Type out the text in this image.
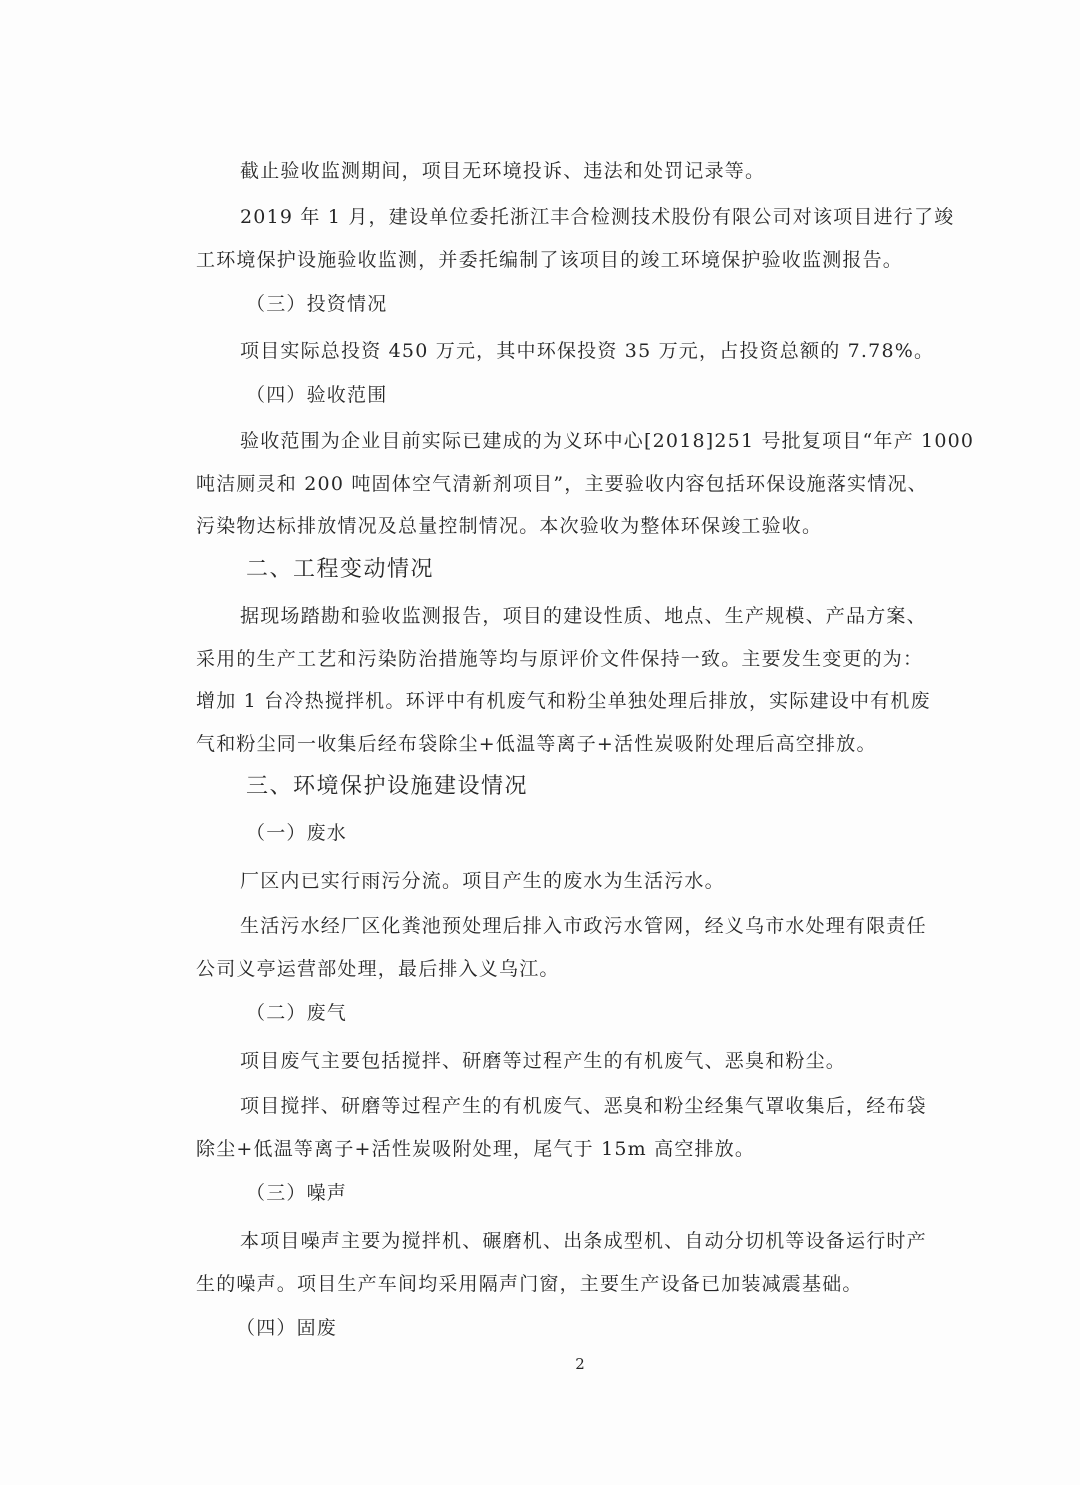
截止验收监测期间，项目无环境投诉、违法和处罚记录等。
2019 年 1 月，建设单位委托浙江丰合检测技术股份有限公司对该项目进行了竣
工环境保护设施验收监测，并委托编制了该项目的竣工环境保护验收监测报告。
（三）投资情况
项目实际总投资 450 万元，其中环保投资 35 万元，占投资总额的 7.78%。
（四）验收范围
验收范围为企业目前实际已建成的为义环中心[2018]251 号批复项目“年产 1000
吨洁厕灵和 200 吨固体空气清新剂项目”，主要验收内容包括环保设施落实情况、
污染物达标排放情况及总量控制情况。本次验收为整体环保竣工验收。
二、工程变动情况
据现场踏勘和验收监测报告，项目的建设性质、地点、生产规模、产品方案、
采用的生产工艺和污染防治措施等均与原评价文件保持一致。主要发生变更的为：
增加 1 台冷热搅拌机。环评中有机废气和粉尘单独处理后排放，实际建设中有机废
气和粉尘同一收集后经布袋除尘+低温等离子+活性炭吸附处理后高空排放。
三、环境保护设施建设情况
（一）废水
厂区内已实行雨污分流。项目产生的废水为生活污水。
生活污水经厂区化粪池预处理后排入市政污水管网，经义乌市水处理有限责任
公司义亭运营部处理，最后排入义乌江。
（二）废气
项目废气主要包括搅拌、研磨等过程产生的有机废气、恶臭和粉尘。
项目搅拌、研磨等过程产生的有机废气、恶臭和粉尘经集气罩收集后，经布袋
除尘+低温等离子+活性炭吸附处理，尾气于 15m 高空排放。
（三）噪声
本项目噪声主要为搅拌机、碾磨机、出条成型机、自动分切机等设备运行时产
生的噪声。项目生产车间均采用隔声门窗，主要生产设备已加装减震基础。
（四）固废
2
